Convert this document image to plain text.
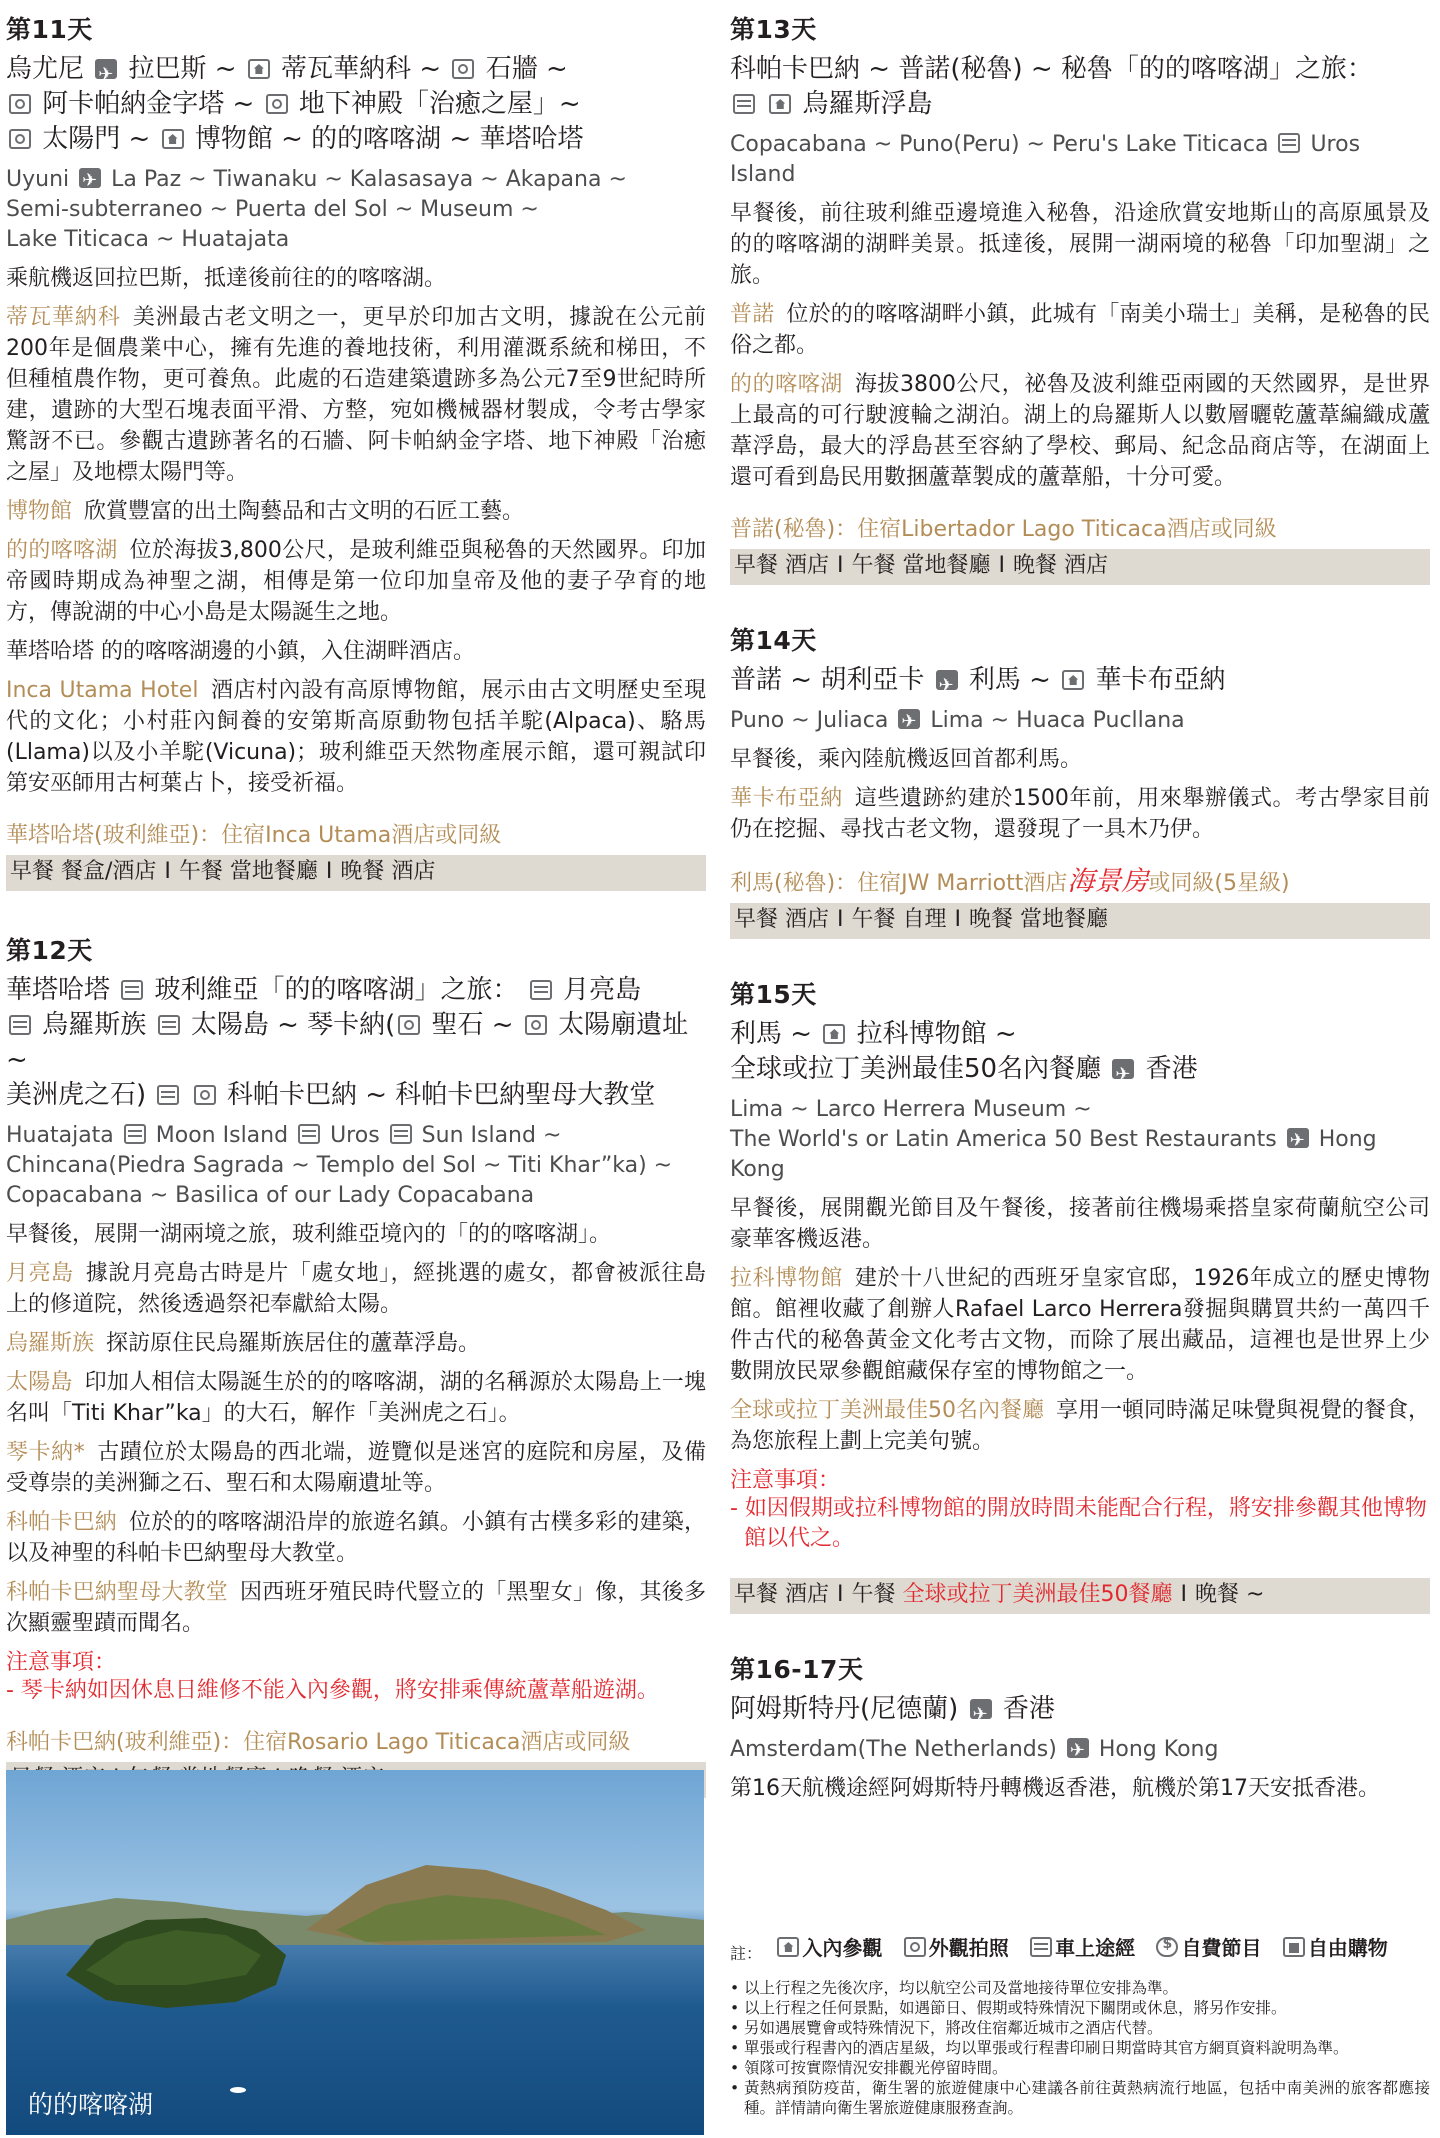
第11天
烏尤尼 ✈ 拉巴斯 ~ 蒂瓦華納科 ~ 石牆 ~
阿卡帕納金字塔 ~ 地下神殿「治癒之屋」~
太陽門 ~ 博物館 ~ 的的喀喀湖 ~ 華塔哈塔
Uyuni ✈ La Paz ~ Tiwanaku ~ Kalasasaya ~ Akapana ~
Semi-subterraneo ~ Puerta del Sol ~ Museum ~
Lake Titicaca ~ Huatajata
乘航機返回拉巴斯，抵達後前往的的喀喀湖。
蒂瓦華納科 美洲最古老文明之一，更早於印加古文明，據說在公元前200年是個農業中心，擁有先進的養地技術，利用灌溉系統和梯田，不但種植農作物，更可養魚。此處的石造建築遺跡多為公元7至9世紀時所建，遺跡的大型石塊表面平滑、方整，宛如機械器材製成，令考古學家驚訝不已。參觀古遺跡著名的石牆、阿卡帕納金字塔、地下神殿「治癒之屋」及地標太陽門等。
博物館 欣賞豐富的出土陶藝品和古文明的石匠工藝。
的的喀喀湖 位於海拔3,800公尺，是玻利維亞與秘魯的天然國界。印加帝國時期成為神聖之湖，相傳是第一位印加皇帝及他的妻子孕育的地方，傳說湖的中心小島是太陽誕生之地。
華塔哈塔 的的喀喀湖邊的小鎮，入住湖畔酒店。
Inca Utama Hotel 酒店村內設有高原博物館，展示由古文明歷史至現代的文化；小村莊內飼養的安第斯高原動物包括羊駝(Alpaca)、駱馬(Llama)以及小羊駝(Vicuna)；玻利維亞天然物產展示館，還可親試印第安巫師用古柯葉占卜，接受祈福。
華塔哈塔(玻利維亞)：住宿Inca Utama酒店或同級
早餐 餐盒/酒店 I 午餐 當地餐廳 I 晚餐 酒店
第12天
華塔哈塔 玻利維亞「的的喀喀湖」之旅： 月亮島
烏羅斯族 太陽島 ~ 琴卡納( 聖石 ~ 太陽廟遺址 ~
美洲虎之石)	科帕卡巴納 ~ 科帕卡巴納聖母大教堂
Huatajata Moon Island Uros Sun Island ~
Chincana(Piedra Sagrada ~ Templo del Sol ~ Titi Khar”ka) ~
Copacabana ~ Basilica of our Lady Copacabana
早餐後，展開一湖兩境之旅，玻利維亞境內的「的的喀喀湖」。
月亮島 據說月亮島古時是片「處女地」，經挑選的處女，都會被派往島上的修道院，然後透過祭祀奉獻給太陽。
烏羅斯族 探訪原住民烏羅斯族居住的蘆葦浮島。
太陽島 印加人相信太陽誕生於的的喀喀湖，湖的名稱源於太陽島上一塊名叫「Titi Khar”ka」的大石，解作「美洲虎之石」。
琴卡納* 古蹟位於太陽島的西北端，遊覽似是迷宮的庭院和房屋，及備受尊崇的美洲獅之石、聖石和太陽廟遺址等。
科帕卡巴納 位於的的喀喀湖沿岸的旅遊名鎮。小鎮有古樸多彩的建築，以及神聖的科帕卡巴納聖母大教堂。
科帕卡巴納聖母大教堂 因西班牙殖民時代豎立的「黑聖女」像，其後多次顯靈聖蹟而聞名。
注意事項：
- 琴卡納如因休息日維修不能入內參觀，將安排乘傳統蘆葦船遊湖。
科帕卡巴納(玻利維亞)：住宿Rosario Lago Titicaca酒店或同級
的的喀喀湖
第13天
科帕卡巴納 ~ 普諾(秘魯) ~ 秘魯「的的喀喀湖」之旅：
烏羅斯浮島
Copacabana ~ Puno(Peru) ~ Peru's Lake Titicaca Uros Island
早餐後，前往玻利維亞邊境進入秘魯，沿途欣賞安地斯山的高原風景及的的喀喀湖的湖畔美景。抵達後，展開一湖兩境的秘魯「印加聖湖」之旅。
普諾 位於的的喀喀湖畔小鎮，此城有「南美小瑞士」美稱，是秘魯的民俗之都。
的的喀喀湖 海拔3800公尺，祕魯及波利維亞兩國的天然國界，是世界上最高的可行駛渡輪之湖泊。湖上的烏羅斯人以數層曬乾蘆葦編織成蘆葦浮島，最大的浮島甚至容納了學校、郵局、紀念品商店等，在湖面上還可看到島民用數捆蘆葦製成的蘆葦船，十分可愛。
普諾(秘魯)：住宿Libertador Lago Titicaca酒店或同級
早餐 酒店 I 午餐 當地餐廳 I 晚餐 酒店
第14天
普諾 ~ 胡利亞卡 ✈ 利馬 ~ 華卡布亞納
Puno ~ Juliaca ✈ Lima ~ Huaca Pucllana
早餐後，乘內陸航機返回首都利馬。
華卡布亞納 這些遺跡約建於1500年前，用來舉辦儀式。考古學家目前仍在挖掘、尋找古老文物，還發現了一具木乃伊。
利馬(秘魯)：住宿JW Marriott酒店海景房或同級(5星級)
早餐 酒店 I 午餐 自理 I 晚餐 當地餐廳
第15天
利馬 ~ 拉科博物館 ~
全球或拉丁美洲最佳50名內餐廳 ✈ 香港
Lima ~ Larco Herrera Museum ~
The World's or Latin America 50 Best Restaurants ✈ Hong Kong
早餐後，展開觀光節目及午餐後，接著前往機場乘搭皇家荷蘭航空公司豪華客機返港。
拉科博物館 建於十八世紀的西班牙皇家官邸，1926年成立的歷史博物館。館裡收藏了創辦人Rafael Larco Herrera發掘與購買共約一萬四千件古代的秘魯黃金文化考古文物，而除了展出藏品，這裡也是世界上少數開放民眾參觀館藏保存室的博物館之一。
全球或拉丁美洲最佳50名內餐廳 享用一頓同時滿足味覺與視覺的餐食，為您旅程上劃上完美句號。
注意事項：
- 如因假期或拉科博物館的開放時間未能配合行程，將安排參觀其他博物館以代之。
早餐 酒店 I 午餐 全球或拉丁美洲最佳50餐廳 I 晚餐 ~
第16-17天
阿姆斯特丹(尼德蘭) ✈ 香港
Amsterdam(The Netherlands) ✈ Hong Kong
第16天航機途經阿姆斯特丹轉機返香港，航機於第17天安抵香港。
$_{註:}$ 入內參觀 外觀拍照 車上途經 $ 自費節目 自由購物
• 以上行程之先後次序，均以航空公司及當地接待單位安排為準。
• 以上行程之任何景點，如遇節日、假期或特殊情況下關閉或休息，將另作安排。
• 另如遇展覽會或特殊情況下，將改住宿鄰近城市之酒店代替。
• 單張或行程書內的酒店星級，均以單張或行程書印刷日期當時其官方網頁資料說明為準。
• 領隊可按實際情況安排觀光停留時間。
• 黃熱病預防疫苗，衛生署的旅遊健康中心建議各前往黃熱病流行地區，包括中南美洲的旅客都應接種。詳情請向衛生署旅遊健康服務查詢。
